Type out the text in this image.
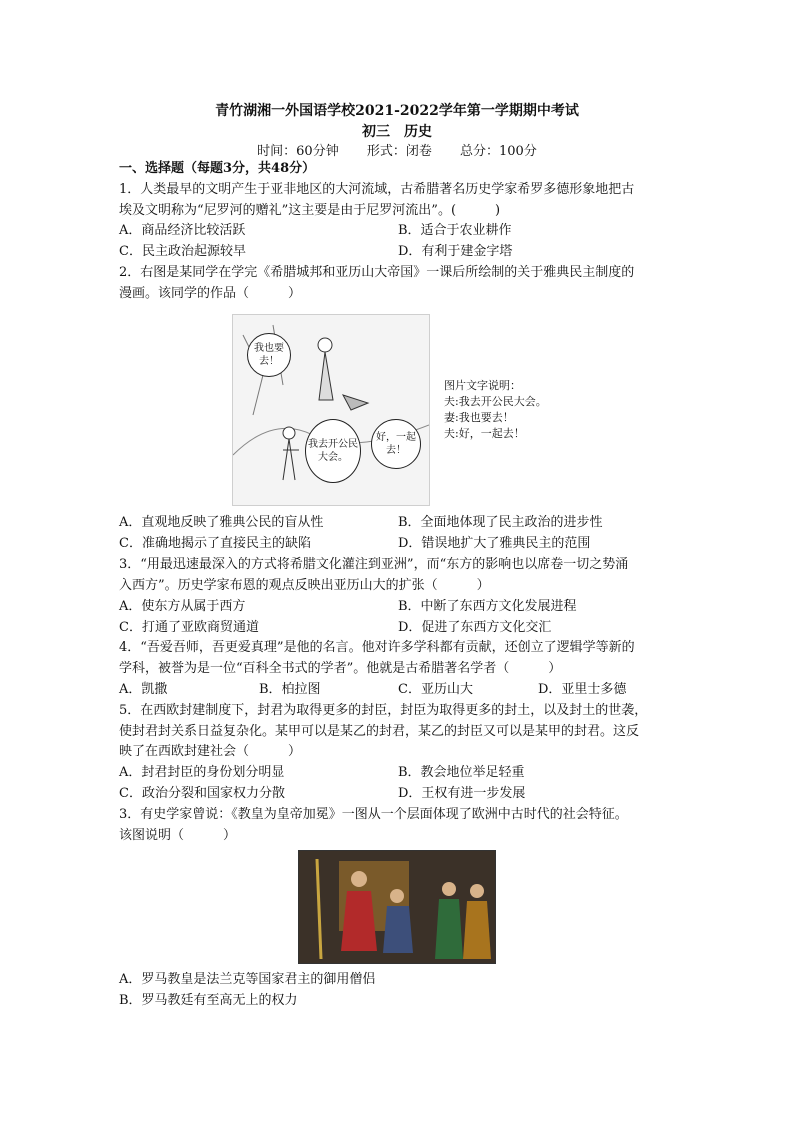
青竹湖湘一外国语学校2021-2022学年第一学期期中考试
初三　历史
时间：60分钟 形式：闭卷 总分：100分
一、选择题（每题3分，共48分）
1．人类最早的文明产生于亚非地区的大河流域，古希腊著名历史学家希罗多德形象地把古
埃及文明称为“尼罗河的赠礼”这主要是由于尼罗河流出”。(　　　)
A．商品经济比较活跃	B．适合于农业耕作
C．民主政治起源较早	D．有利于建金字塔
2．右图是某同学在学完《希腊城邦和亚历山大帝国》一课后所绘制的关于雅典民主制度的
漫画。该同学的作品（　　　）
我也要去！
我去开公民大会。
好，一起去！
图片文字说明：
夫:我去开公民大会。
妻:我也要去！
夫:好，一起去！
A．直观地反映了雅典公民的盲从性	B．全面地体现了民主政治的进步性
C．准确地揭示了直接民主的缺陷	D．错误地扩大了雅典民主的范围
3．“用最迅速最深入的方式将希腊文化灌注到亚洲”，而“东方的影响也以席卷一切之势涌
入西方”。历史学家布恩的观点反映出亚历山大的扩张（　　　）
A．使东方从属于西方	B．中断了东西方文化发展进程
C．打通了亚欧商贸通道	D．促进了东西方文化交汇
4．“吾爱吾师，吾更爱真理”是他的名言。他对许多学科都有贡献，还创立了逻辑学等新的
学科，被誉为是一位“百科全书式的学者”。他就是古希腊著名学者（　　　）
A．凯撒	B．柏拉图	C．亚历山大	D．亚里士多德
5．在西欧封建制度下，封君为取得更多的封臣，封臣为取得更多的封土，以及封土的世袭，
使封君封关系日益复杂化。某甲可以是某乙的封君，某乙的封臣又可以是某甲的封君。这反
映了在西欧封建社会（　　　）
A．封君封臣的身份划分明显	B．教会地位举足轻重
C．政治分裂和国家权力分散	D．王权有进一步发展
3．有史学家曾说：《教皇为皇帝加冕》一图从一个层面体现了欧洲中古时代的社会特征。
该图说明（　　　）
A．罗马教皇是法兰克等国家君主的御用僧侣
B．罗马教廷有至高无上的权力
